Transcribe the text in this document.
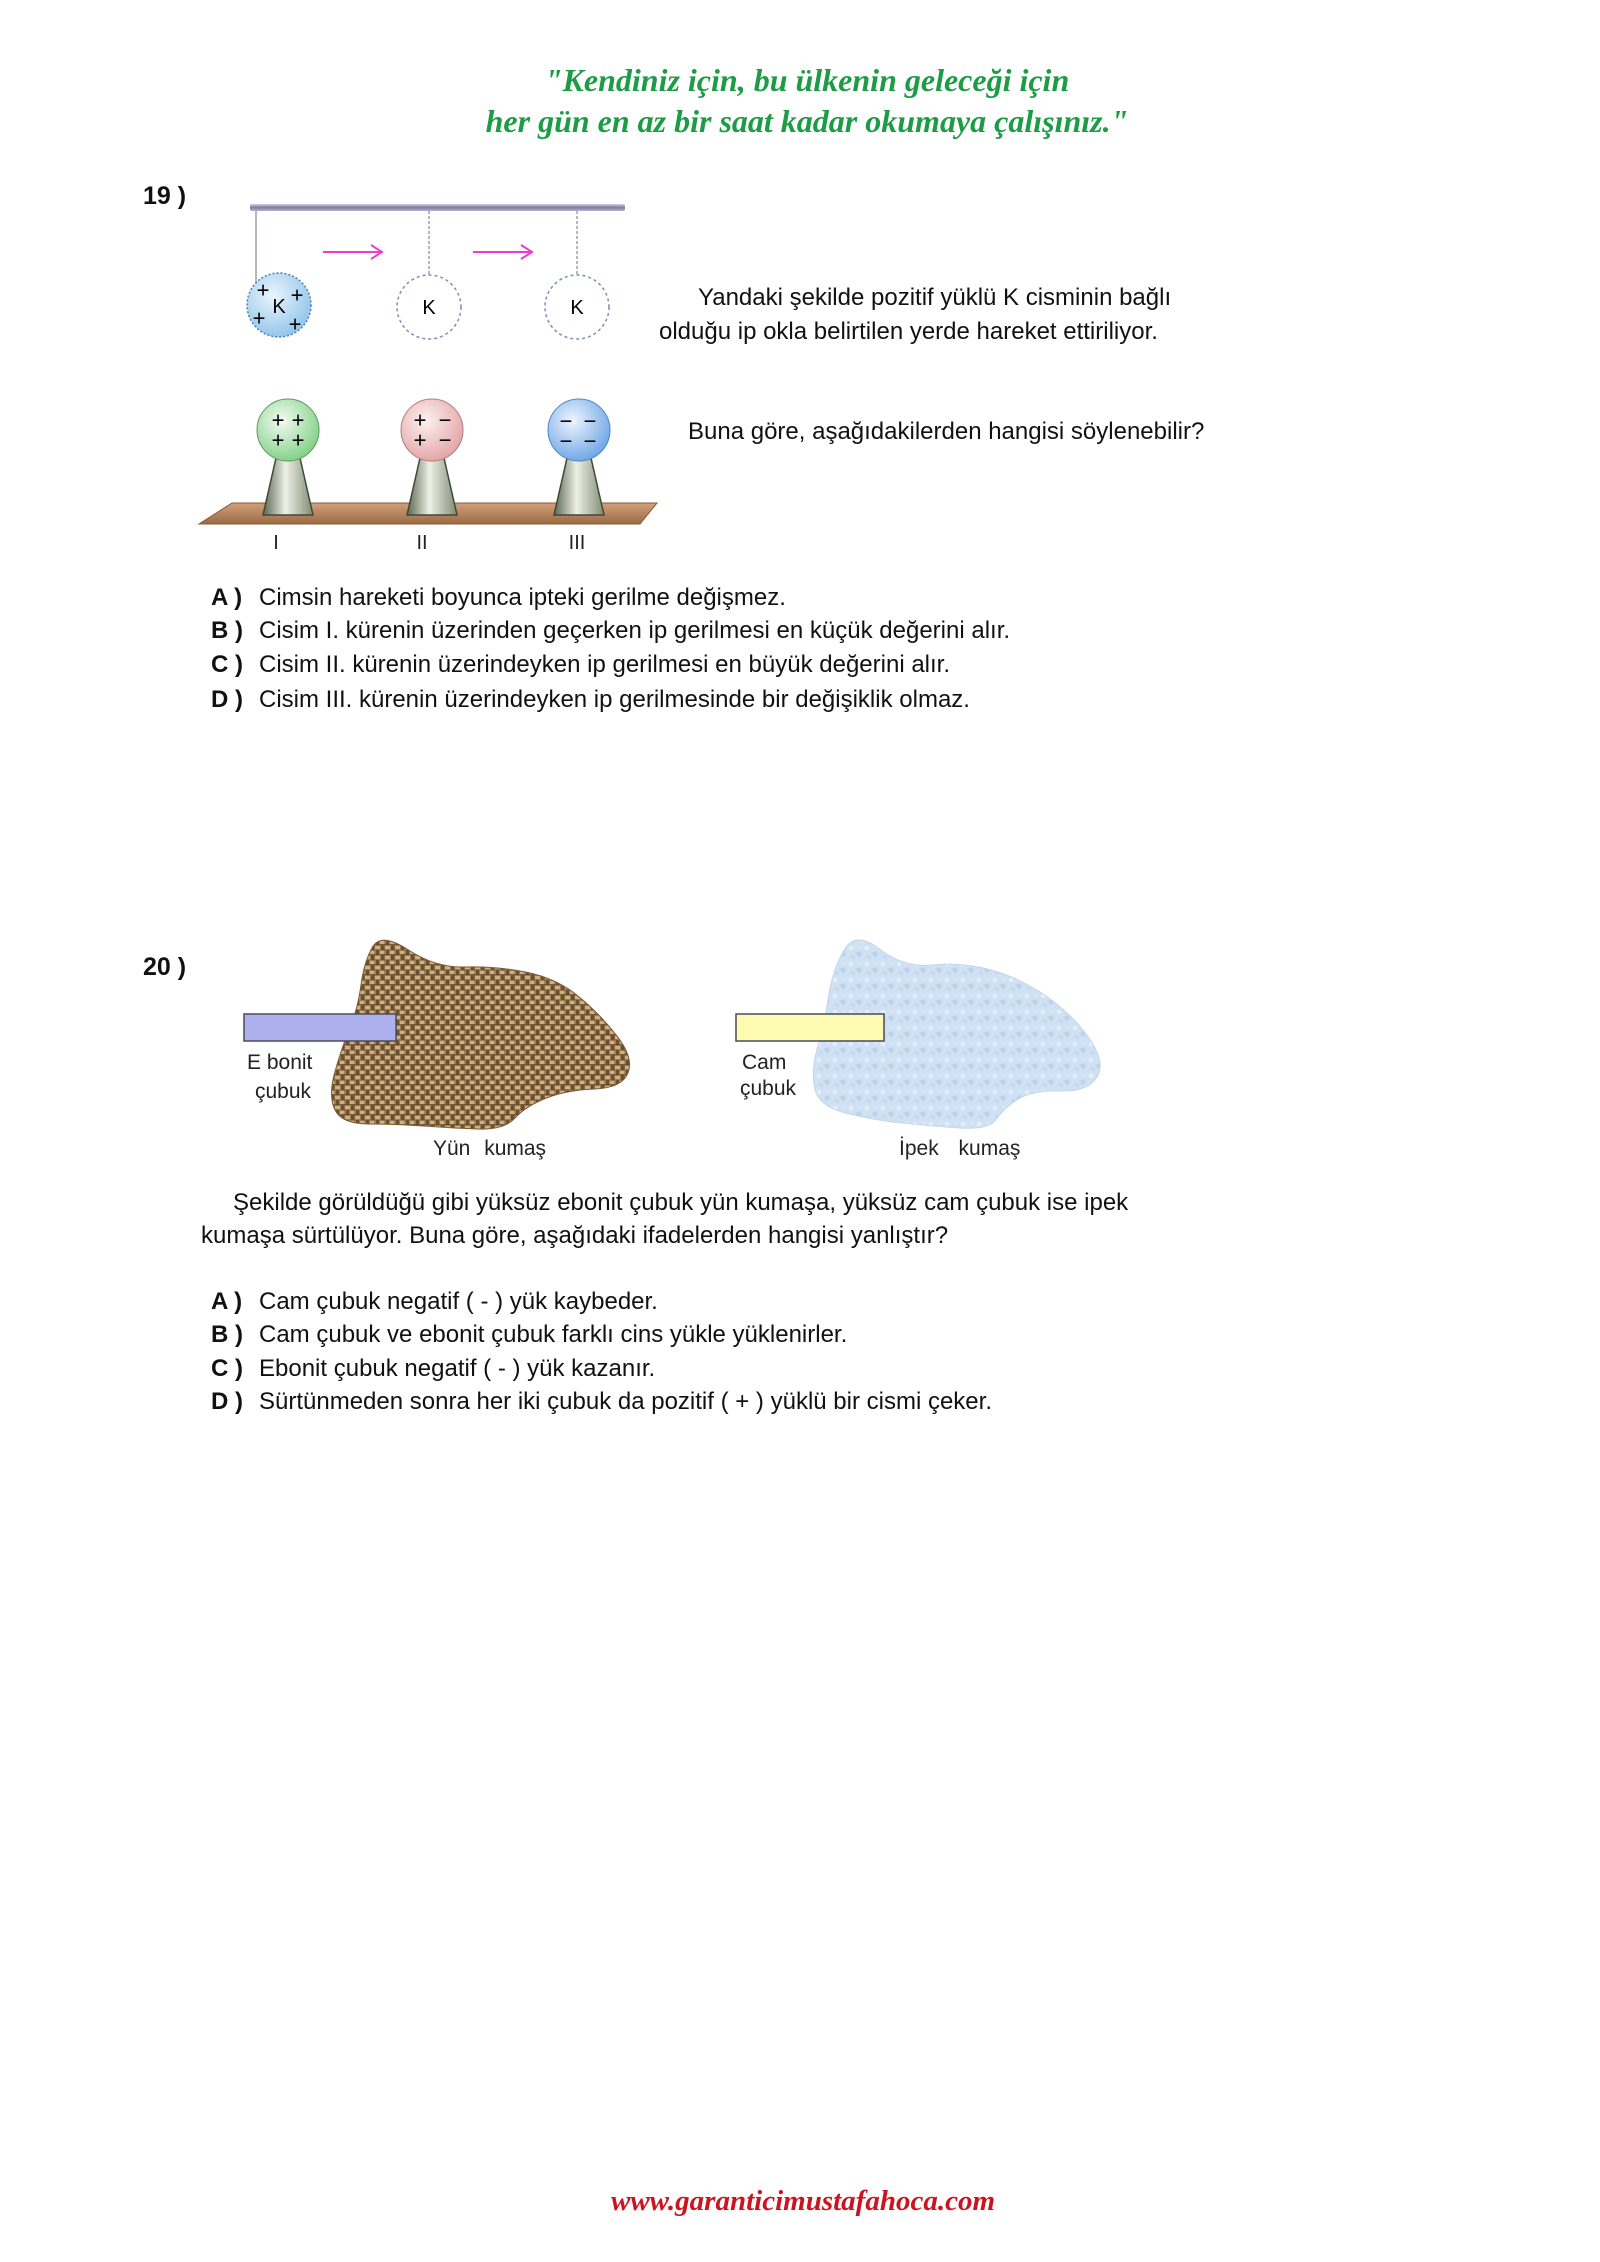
"Kendiniz için, bu ülkenin geleceği için
her gün en az bir saat kadar okumaya çalışınız."
+ +
+ +
K	K	K
+ +
+ +
+ −
+ −
− −
− −
19 )
Yandaki şekilde pozitif yüklü K cisminin bağlı
olduğu ip okla belirtilen yerde hareket ettiriliyor.
Buna göre, aşağıdakilerden hangisi söylenebilir?
I	II	III
A ) Cimsin hareketi boyunca ipteki gerilme değişmez.
B ) Cisim I. kürenin üzerinden geçerken ip gerilmesi en küçük değerini alır.
C ) Cisim II. kürenin üzerindeyken ip gerilmesi en büyük değerini alır.
D ) Cisim III. kürenin üzerindeyken ip gerilmesinde bir değişiklik olmaz.
20 )
E bonit
çubuk
Yün kumaş
Cam
çubuk
İpek kumaş
Şekilde görüldüğü gibi yüksüz ebonit çubuk yün kumaşa, yüksüz cam çubuk ise ipek
kumaşa sürtülüyor. Buna göre, aşağıdaki ifadelerden hangisi yanlıştır?
A ) Cam çubuk negatif ( - ) yük kaybeder.
B ) Cam çubuk ve ebonit çubuk farklı cins yükle yüklenirler.
C ) Ebonit çubuk negatif ( - ) yük kazanır.
D ) Sürtünmeden sonra her iki çubuk da pozitif ( + ) yüklü bir cismi çeker.
www.garanticimustafahoca.com
